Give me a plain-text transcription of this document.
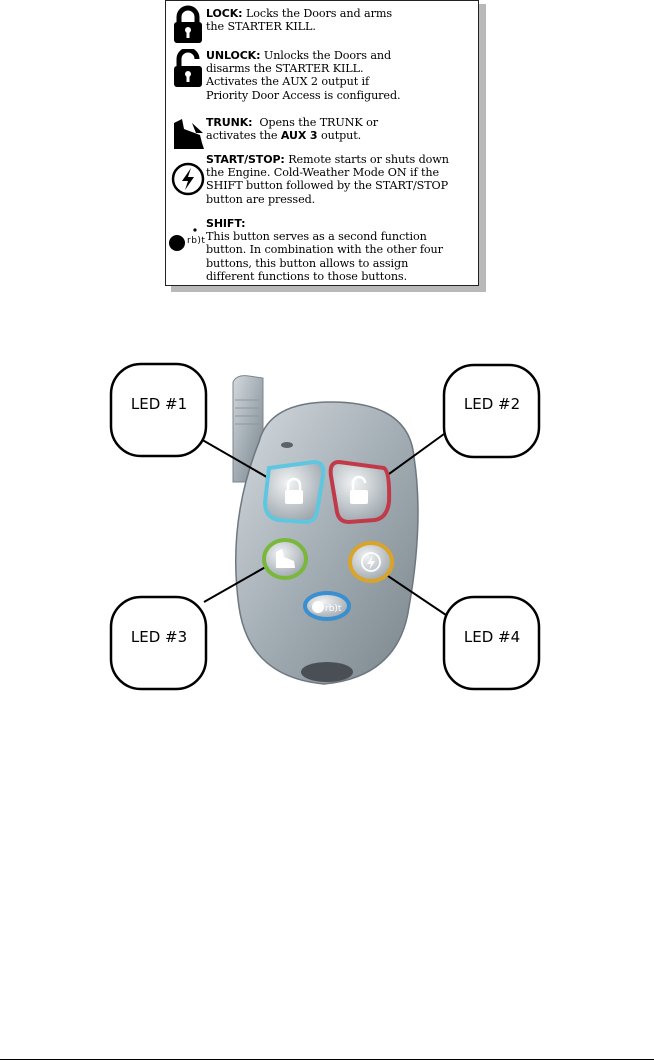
LOCK: Locks the Doors and arms
the STARTER KILL.
UNLOCK: Unlocks the Doors and
disarms the STARTER KILL.
Activates the AUX 2 output if
Priority Door Access is configured.
TRUNK: Opens the TRUNK or
activates the AUX 3 output.
START/STOP: Remote starts or shuts down
the Engine. Cold-Weather Mode ON if the
SHIFT button followed by the START/STOP
button are pressed.
rb)t
SHIFT:
This button serves as a second function
button. In combination with the other four
buttons, this button allows to assign
different functions to those buttons.
rb)t
LED #1	LED #2
LED #3	LED #4
